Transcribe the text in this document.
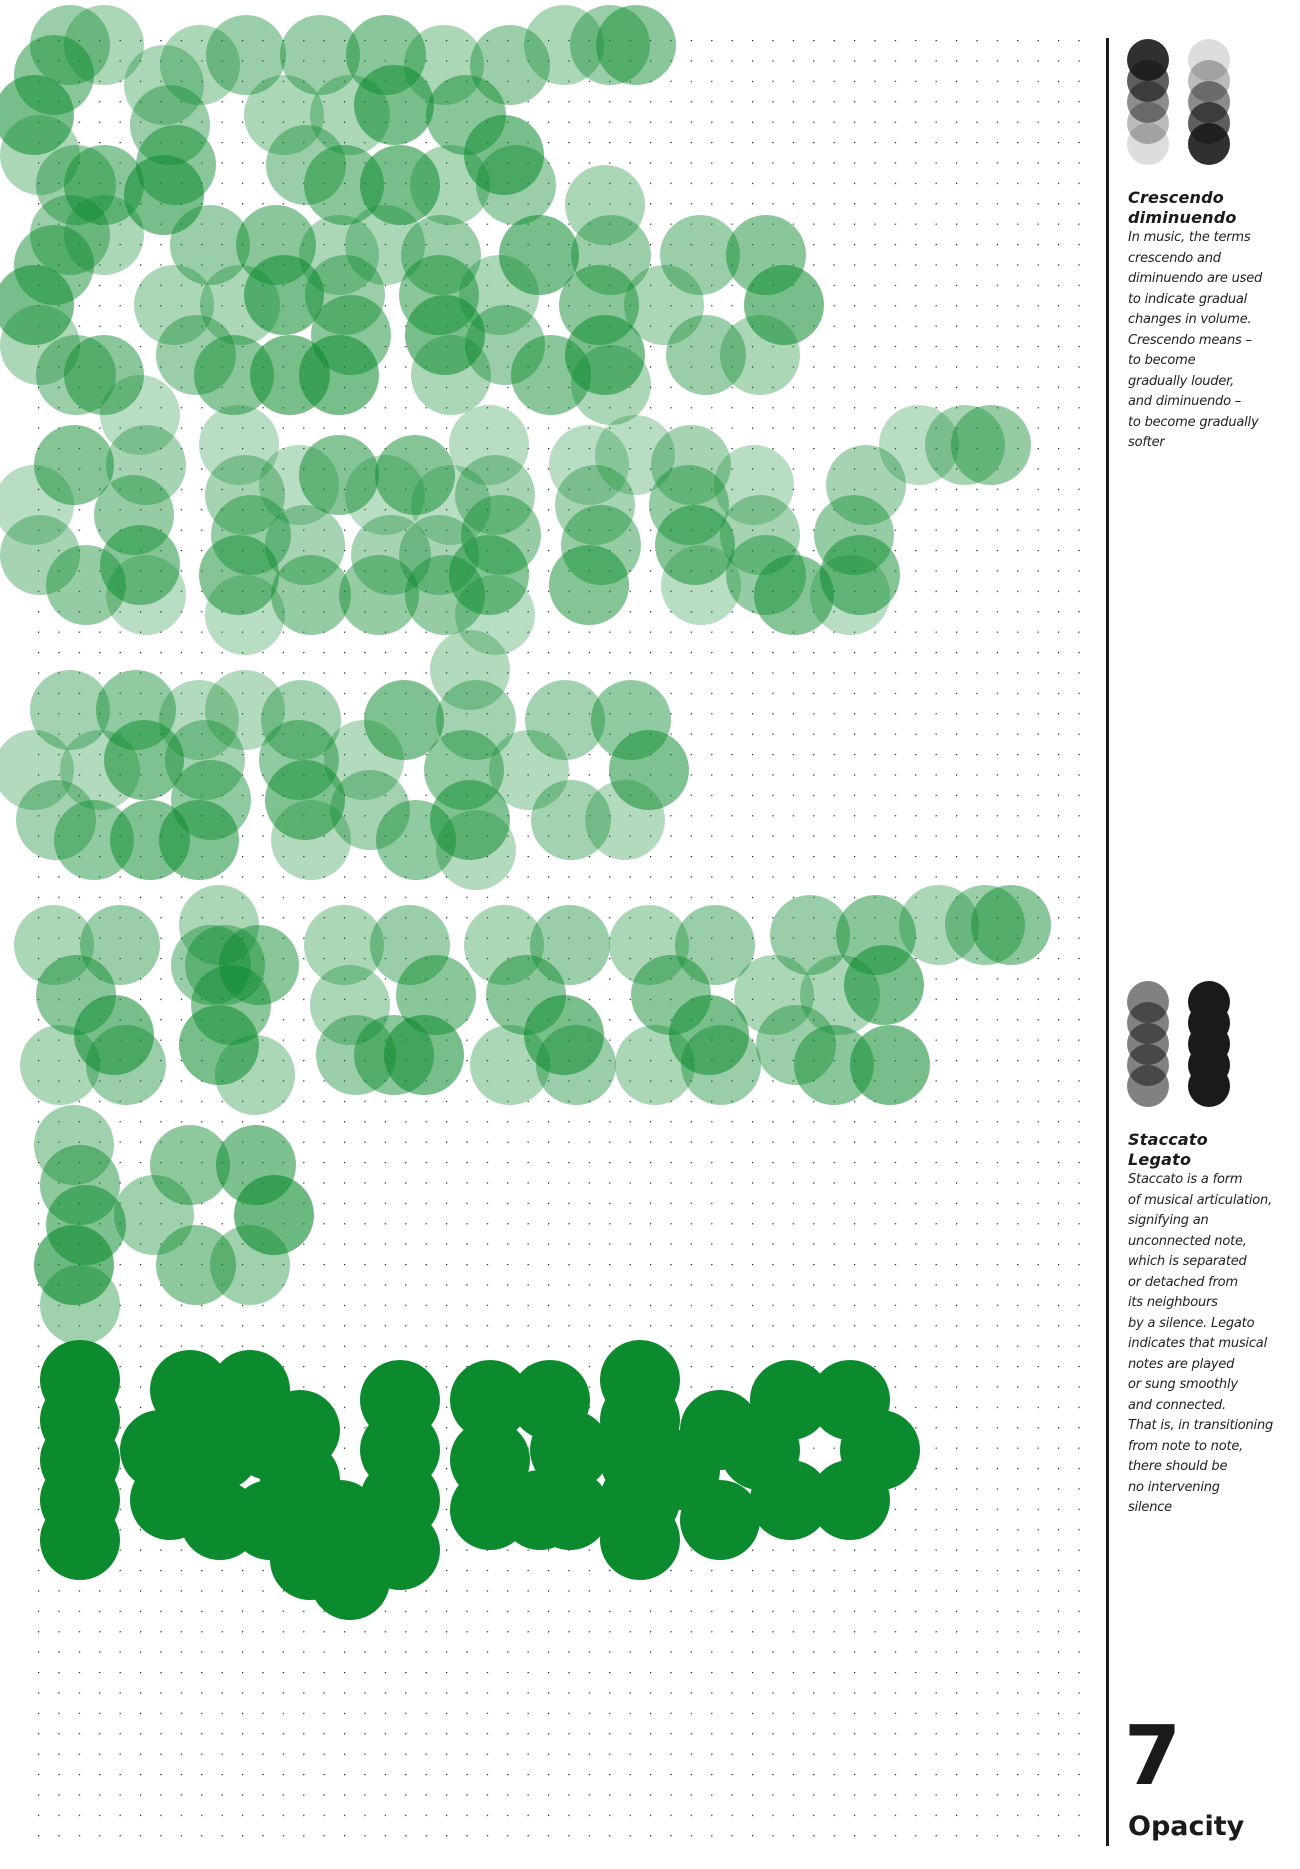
Crescendo
diminuendo

In music, the terms
crescendo and
diminuendo are used
to indicate gradual
changes in volume.
Crescendo means –
to become
gradually louder,
and diminuendo –
to become gradually
softer

Staccato
Legato

Staccato is a form
of musical articulation,
signifying an
unconnected note,
which is separated
or detached from
its neighbours
by a silence. Legato
indicates that musical
notes are played
or sung smoothly
and connected.
That is, in transitioning
from note to note,
there should be
no intervening
silence

7

Opacity
